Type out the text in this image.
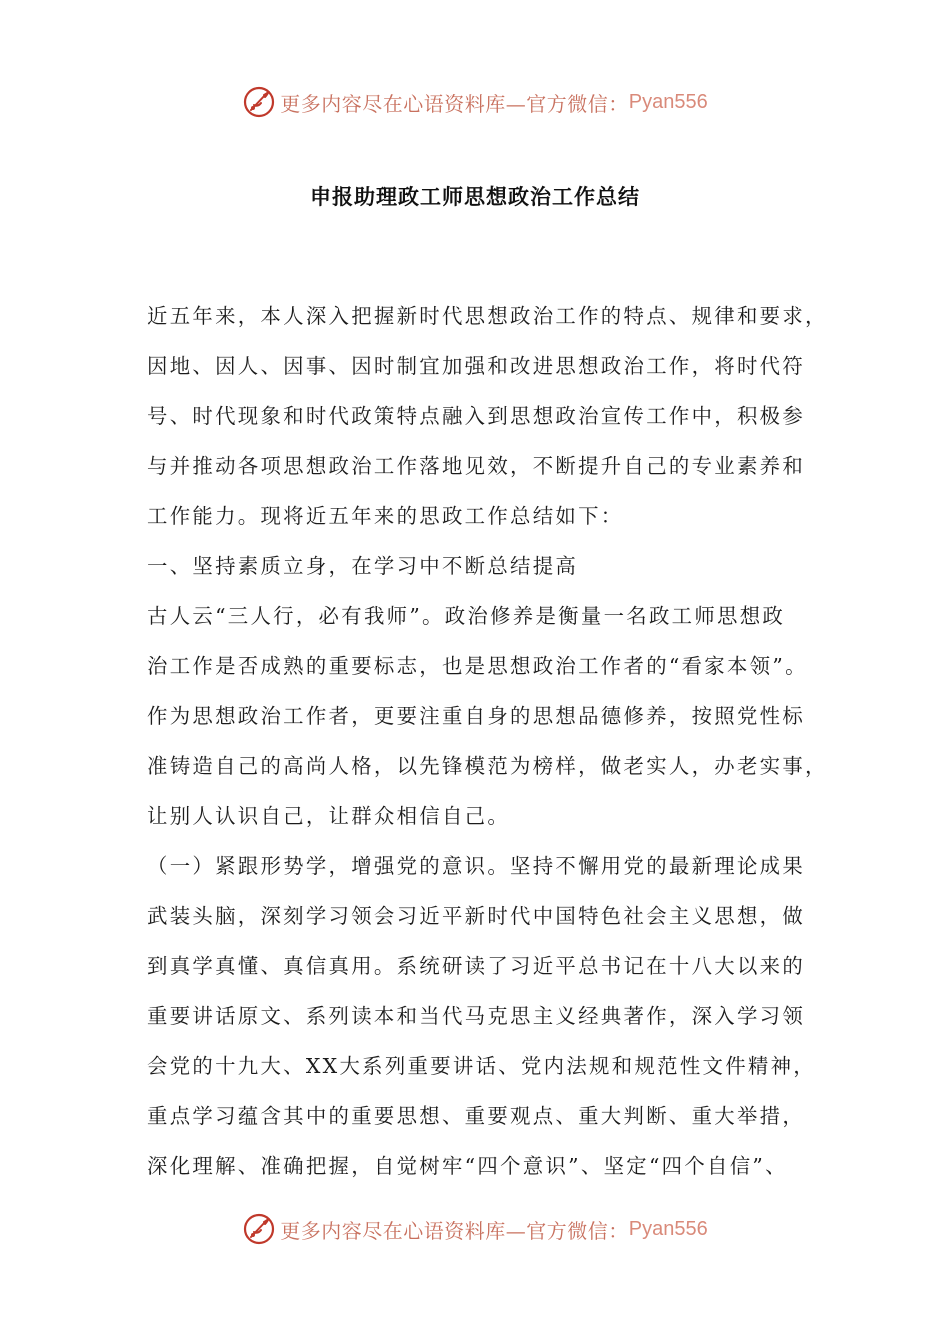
更多内容尽在心语资料库—官方微信： Pyan556
申报助理政工师思想政治工作总结
近五年来，本人深入把握新时代思想政治工作的特点、规律和要求，
因地、因人、因事、因时制宜加强和改进思想政治工作，将时代符
号、时代现象和时代政策特点融入到思想政治宣传工作中，积极参
与并推动各项思想政治工作落地见效，不断提升自己的专业素养和
工作能力。现将近五年来的思政工作总结如下：
一、坚持素质立身，在学习中不断总结提高
古人云“三人行，必有我师”。政治修养是衡量一名政工师思想政
治工作是否成熟的重要标志，也是思想政治工作者的“看家本领”。
作为思想政治工作者，更要注重自身的思想品德修养，按照党性标
准铸造自己的高尚人格，以先锋模范为榜样，做老实人，办老实事，
让别人认识自己，让群众相信自己。
（一）紧跟形势学，增强党的意识。坚持不懈用党的最新理论成果
武装头脑，深刻学习领会习近平新时代中国特色社会主义思想，做
到真学真懂、真信真用。系统研读了习近平总书记在十八大以来的
重要讲话原文、系列读本和当代马克思主义经典著作，深入学习领
会党的十九大、XX大系列重要讲话、党内法规和规范性文件精神，
重点学习蕴含其中的重要思想、重要观点、重大判断、重大举措，
深化理解、准确把握，自觉树牢“四个意识”、坚定“四个自信”、
更多内容尽在心语资料库—官方微信： Pyan556
